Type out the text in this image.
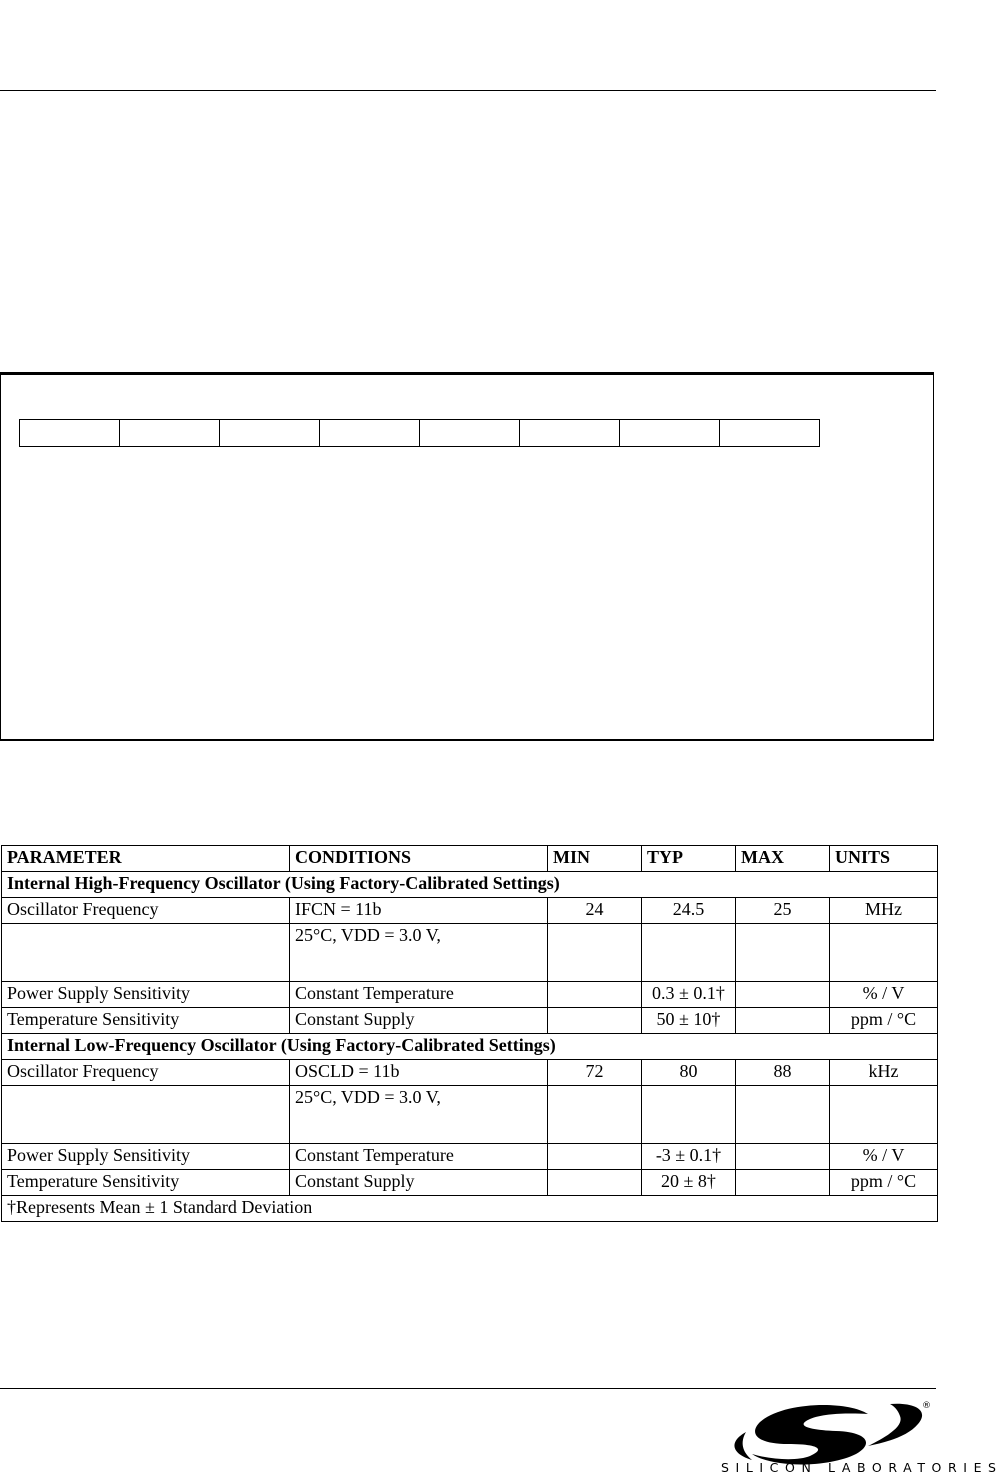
PARAMETER	CONDITIONS	MIN	TYP	MAX	UNITS
Internal High-Frequency Oscillator (Using Factory-Calibrated Settings)					
Oscillator Frequency	IFCN = 11b	24	24.5	25	MHz
	25°C, VDD = 3.0 V,				
Power Supply Sensitivity	Constant Temperature		0.3 ± 0.1†		% / V
Temperature Sensitivity	Constant Supply		50 ± 10†		ppm / °C
Internal Low-Frequency Oscillator (Using Factory-Calibrated Settings)					
Oscillator Frequency	OSCLD = 11b	72	80	88	kHz
	25°C, VDD = 3.0 V,				
Power Supply Sensitivity	Constant Temperature		-3 ± 0.1†		% / V
Temperature Sensitivity	Constant Supply		20 ± 8†		ppm / °C
†Represents Mean ± 1 Standard Deviation					
®
SILICON LABORATORIES
